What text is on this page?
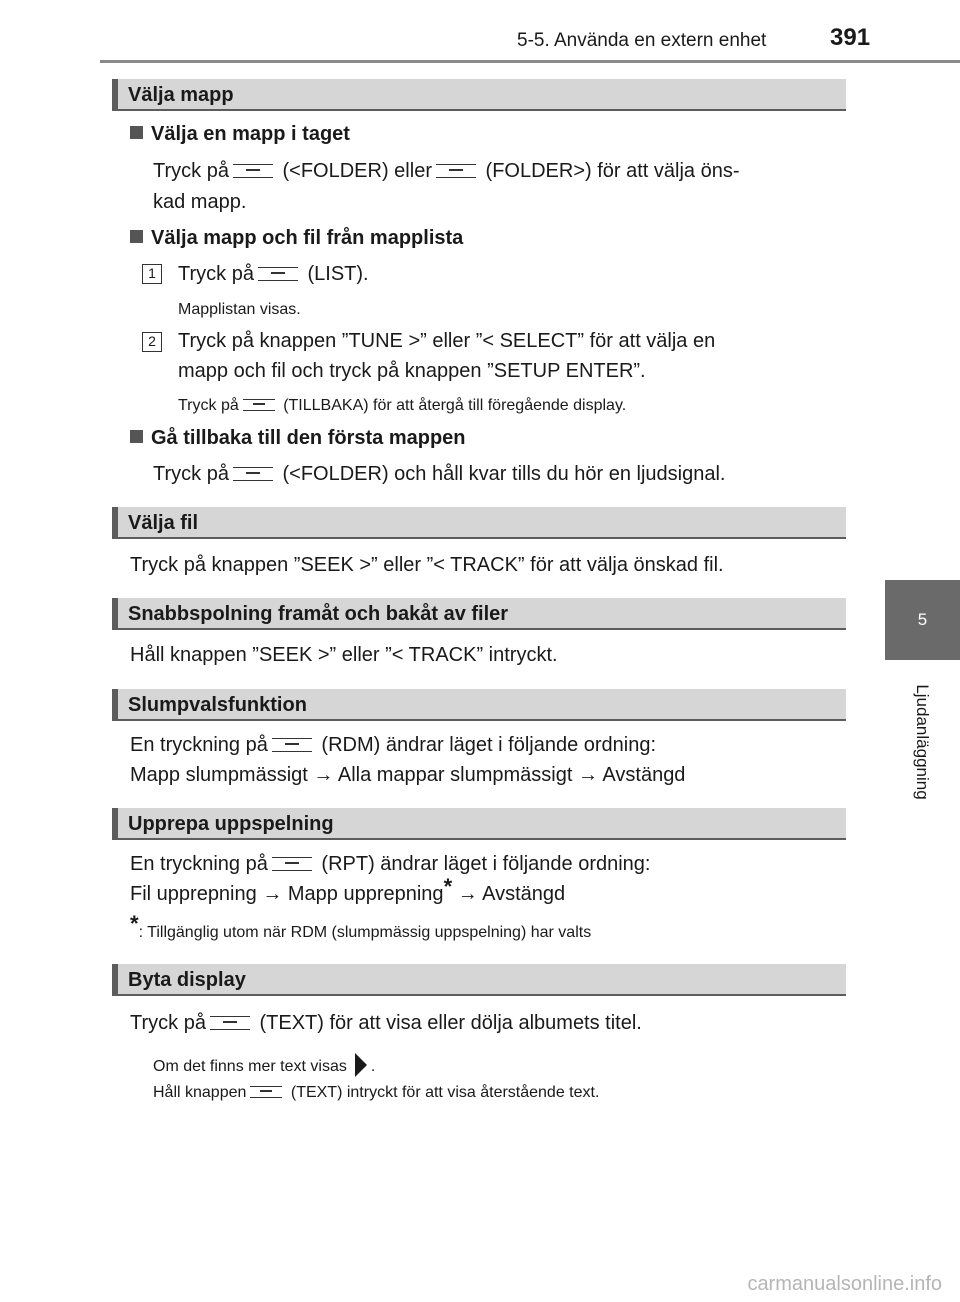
5-5. Använda en extern enhet	391
5
Ljudanläggning
Välja mapp
Välja en mapp i taget
Tryck på	(<FOLDER) eller	(FOLDER>) för att välja öns-
kad mapp.
Välja mapp och fil från mapplista
1	Tryck på	(LIST).
Mapplistan visas.
2	Tryck på knappen ”TUNE >” eller ”< SELECT” för att välja en
mapp och fil och tryck på knappen ”SETUP ENTER”.
Tryck på	(TILLBAKA) för att återgå till föregående display.
Gå tillbaka till den första mappen
Tryck på	(<FOLDER) och håll kvar tills du hör en ljudsignal.
Välja fil
Tryck på knappen ”SEEK >” eller ”< TRACK” för att välja önskad fil.
Snabbspolning framåt och bakåt av filer
Håll knappen ”SEEK >” eller ”< TRACK” intryckt.
Slumpvalsfunktion
En tryckning på	(RDM) ändrar läget i följande ordning:
Mapp slumpmässigt → Alla mappar slumpmässigt → Avstängd
Upprepa uppspelning
En tryckning på	(RPT) ändrar läget i följande ordning:
Fil upprepning → Mapp upprepning* → Avstängd
*: Tillgänglig utom när RDM (slumpmässig uppspelning) har valts
Byta display
Tryck på	(TEXT) för att visa eller dölja albumets titel.
Om det finns mer text visas .
Håll knappen	(TEXT) intryckt för att visa återstående text.
carmanualsonline.info
